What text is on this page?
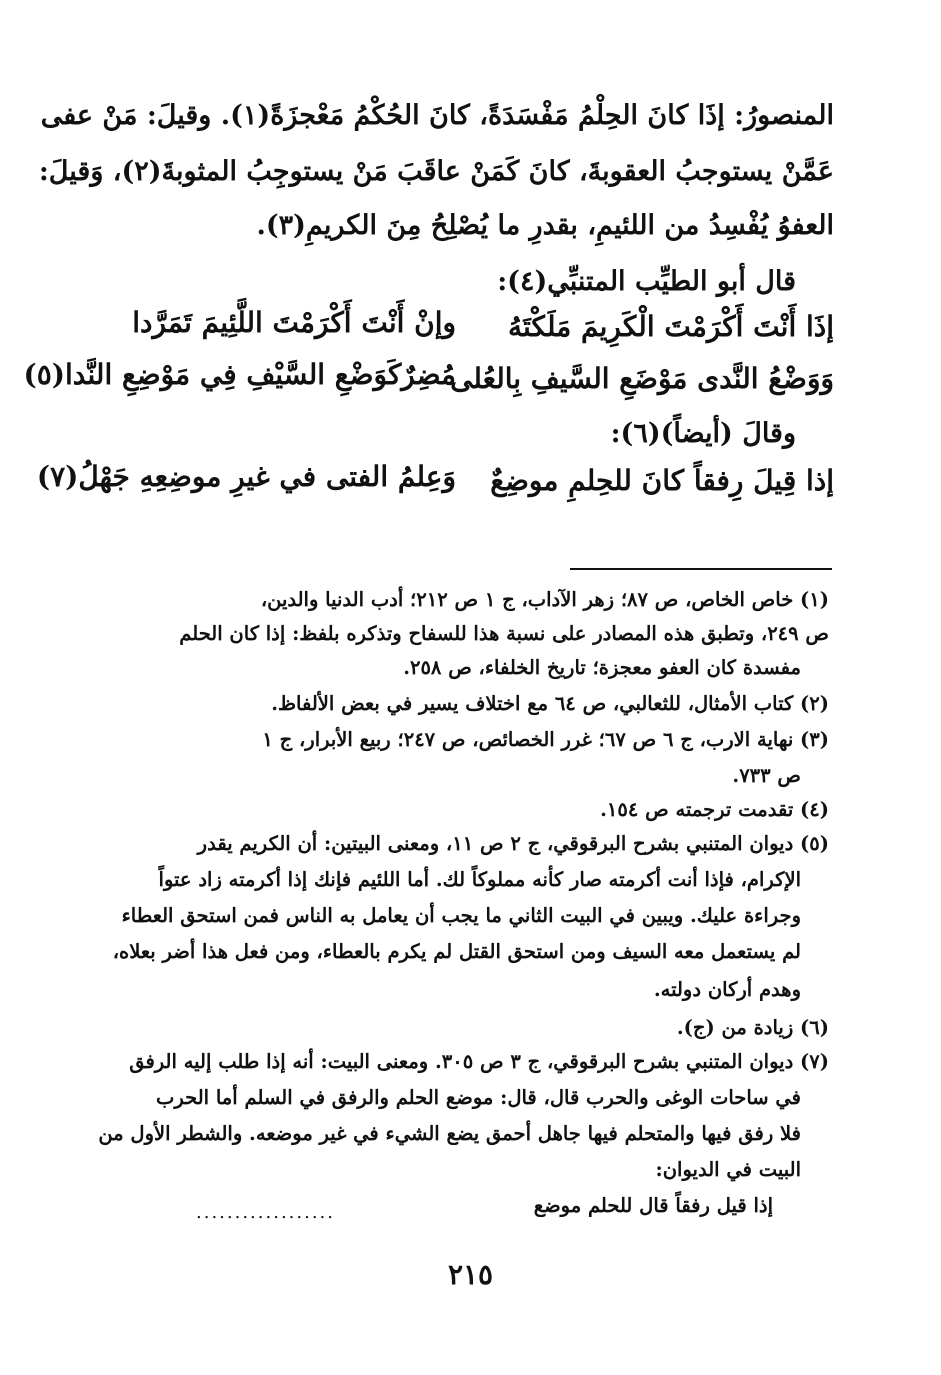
المنصورُ: إذَا كانَ الحِلْمُ مَفْسَدَةً، كانَ الحُكْمُ مَعْجزَةً(١). وقيلَ: مَنْ عفى
عَمَّنْ يستوجبُ العقوبةَ، كانَ كَمَنْ عاقَبَ مَنْ يستوجِبُ المثوبةَ(٢)، وَقيلَ:
العفوُ يُفْسِدُ من اللئيمِ، بقدرِ ما يُصْلِحُ مِنَ الكريمِ(٣).
قال أبو الطيِّب المتنبِّي(٤):
إذَا أَنْتَ أَكْرَمْتَ الْكَرِيمَ مَلَكْتَهُ
وإنْ أَنْتَ أَكْرَمْتَ اللَّئِيمَ تَمَرَّدا
وَوَضْعُ النَّدى مَوْضَعِ السَّيفِ بِالعُلى
مُضِرٌكَوَضْعِ السَّيْفِ فِي مَوْضِعِ النَّدا(٥)
وقالَ (أيضاً)(٦):
إذا قِيلَ رِفقاً كانَ للحِلمِ موضِعٌ
وَعِلمُ الفتى في غيرِ موضِعِهِ جَهْلُ(٧)
(١) خاص الخاص، ص ٨٧؛ زهر الآداب، ج ١ ص ٢١٢؛ أدب الدنيا والدين،
ص ٢٤٩، وتطبق هذه المصادر على نسبة هذا للسفاح وتذكره بلفظ: إذا كان الحلم
مفسدة كان العفو معجزة؛ تاريخ الخلفاء، ص ٢٥٨.
(٢) كتاب الأمثال، للثعالبي، ص ٦٤ مع اختلاف يسير في بعض الألفاظ.
(٣) نهاية الارب، ج ٦ ص ٦٧؛ غرر الخصائص، ص ٢٤٧؛ ربيع الأبرار، ج ١
ص ٧٣٣.
(٤) تقدمت ترجمته ص ١٥٤.
(٥) ديوان المتنبي بشرح البرقوقي، ج ٢ ص ١١، ومعنى البيتين: أن الكريم يقدر
الإكرام، فإذا أنت أكرمته صار كأنه مملوكاً لك. أما اللئيم فإنك إذا أكرمته زاد عتواً
وجراءة عليك. ويبين في البيت الثاني ما يجب أن يعامل به الناس فمن استحق العطاء
لم يستعمل معه السيف ومن استحق القتل لم يكرم بالعطاء، ومن فعل هذا أضر بعلاه،
وهدم أركان دولته.
(٦) زيادة من (ج).
(٧) ديوان المتنبي بشرح البرقوقي، ج ٣ ص ٣٠٥. ومعنى البيت: أنه إذا طلب إليه الرفق
في ساحات الوغى والحرب قال، قال: موضع الحلم والرفق في السلم أما الحرب
فلا رفق فيها والمتحلم فيها جاهل أحمق يضع الشيء في غير موضعه. والشطر الأول من
البيت في الديوان:
إذا قيل رفقاً قال للحلم موضع
..................
٢١٥
